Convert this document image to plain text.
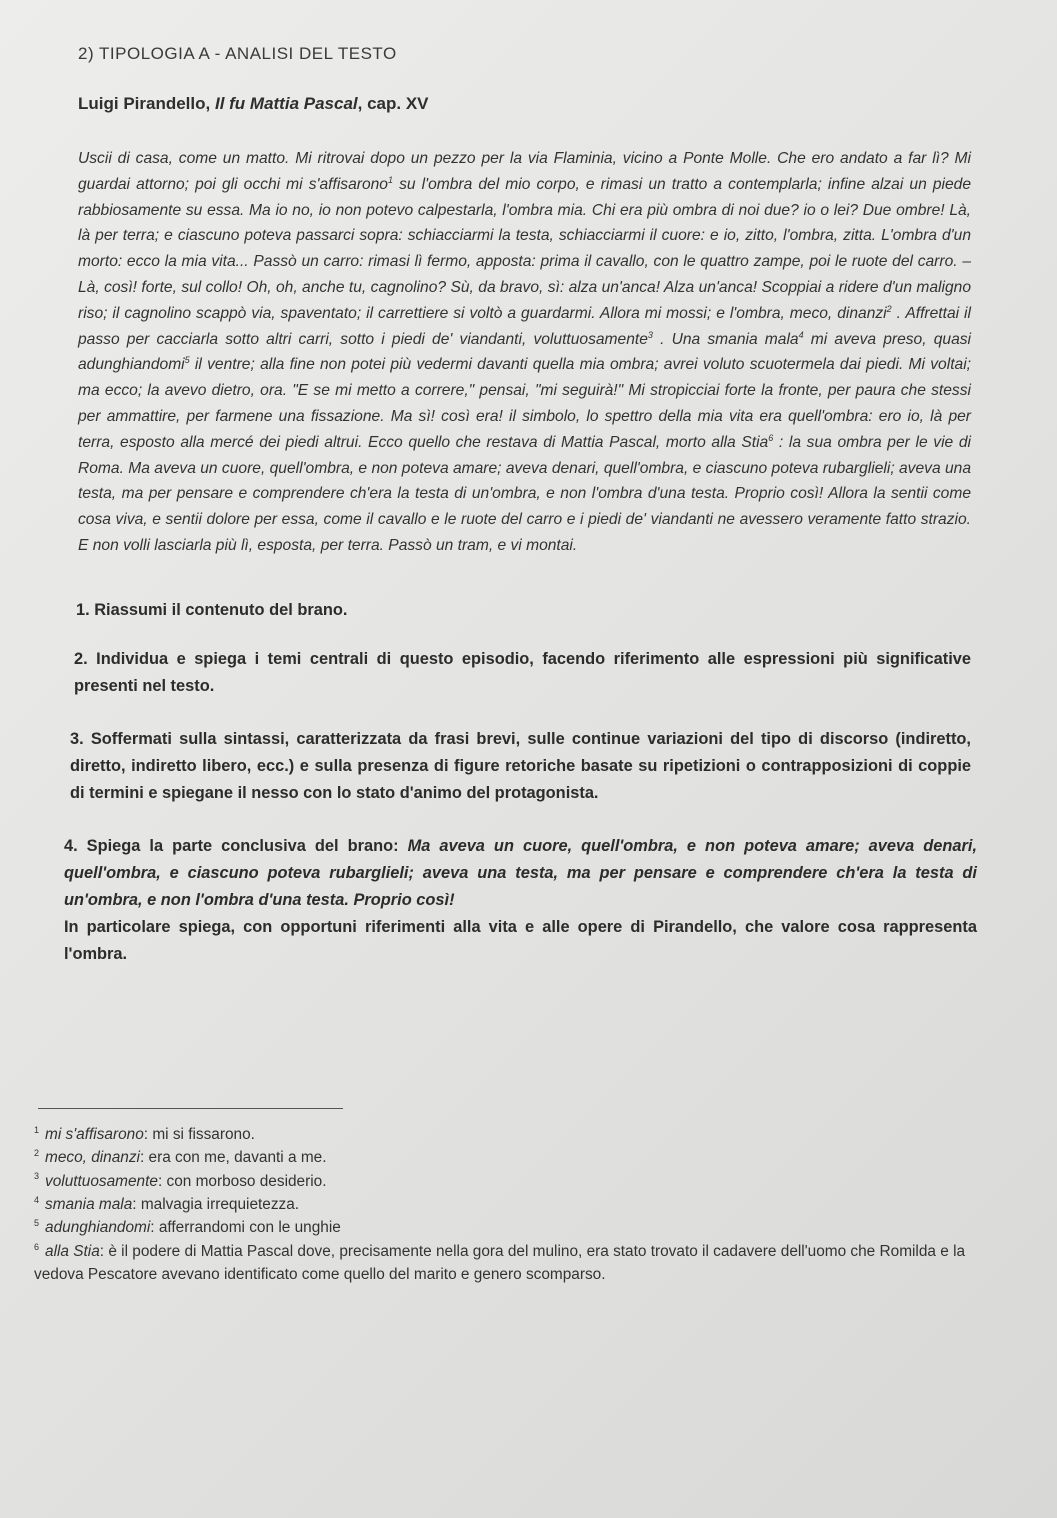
2) TIPOLOGIA A - ANALISI DEL TESTO
Luigi Pirandello, Il fu Mattia Pascal, cap. XV
Uscii di casa, come un matto. Mi ritrovai dopo un pezzo per la via Flaminia, vicino a Ponte Molle. Che ero andato a far lì? Mi guardai attorno; poi gli occhi mi s'affisarono$^1$ su l'ombra del mio corpo, e rimasi un tratto a contemplarla; infine alzai un piede rabbiosamente su essa. Ma io no, io non potevo calpestarla, l'ombra mia. Chi era più ombra di noi due? io o lei? Due ombre! Là, là per terra; e ciascuno poteva passarci sopra: schiacciarmi la testa, schiacciarmi il cuore: e io, zitto, l'ombra, zitta. L'ombra d'un morto: ecco la mia vita... Passò un carro: rimasi lì fermo, apposta: prima il cavallo, con le quattro zampe, poi le ruote del carro. – Là, così! forte, sul collo! Oh, oh, anche tu, cagnolino? Sù, da bravo, sì: alza un'anca! Alza un'anca! Scoppiai a ridere d'un maligno riso; il cagnolino scappò via, spaventato; il carrettiere si voltò a guardarmi. Allora mi mossi; e l'ombra, meco, dinanzi$^2$ . Affrettai il passo per cacciarla sotto altri carri, sotto i piedi de' viandanti, voluttuosamente$^3$ . Una smania mala$^4$ mi aveva preso, quasi adunghiandomi$^5$ il ventre; alla fine non potei più vedermi davanti quella mia ombra; avrei voluto scuotermela dai piedi. Mi voltai; ma ecco; la avevo dietro, ora. "E se mi metto a correre," pensai, "mi seguirà!" Mi stropicciai forte la fronte, per paura che stessi per ammattire, per farmene una fissazione. Ma sì! così era! il simbolo, lo spettro della mia vita era quell'ombra: ero io, là per terra, esposto alla mercé dei piedi altrui. Ecco quello che restava di Mattia Pascal, morto alla Stia$^6$ : la sua ombra per le vie di Roma. Ma aveva un cuore, quell'ombra, e non poteva amare; aveva denari, quell'ombra, e ciascuno poteva rubarglieli; aveva una testa, ma per pensare e comprendere ch'era la testa di un'ombra, e non l'ombra d'una testa. Proprio così! Allora la sentii come cosa viva, e sentii dolore per essa, come il cavallo e le ruote del carro e i piedi de' viandanti ne avessero veramente fatto strazio. E non volli lasciarla più lì, esposta, per terra. Passò un tram, e vi montai.
1. Riassumi il contenuto del brano.
2. Individua e spiega i temi centrali di questo episodio, facendo riferimento alle espressioni più significative presenti nel testo.
3. Soffermati sulla sintassi, caratterizzata da frasi brevi, sulle continue variazioni del tipo di discorso (indiretto, diretto, indiretto libero, ecc.) e sulla presenza di figure retoriche basate su ripetizioni o contrapposizioni di coppie di termini e spiegane il nesso con lo stato d'animo del protagonista.
4. Spiega la parte conclusiva del brano: Ma aveva un cuore, quell'ombra, e non poteva amare; aveva denari, quell'ombra, e ciascuno poteva rubarglieli; aveva una testa, ma per pensare e comprendere ch'era la testa di un'ombra, e non l'ombra d'una testa. Proprio così!
In particolare spiega, con opportuni riferimenti alla vita e alle opere di Pirandello, che valore cosa rappresenta l'ombra.
$^1$ mi s'affisarono: mi si fissarono.
$^2$ meco, dinanzi: era con me, davanti a me.
$^3$ voluttuosamente: con morboso desiderio.
$^4$ smania mala: malvagia irrequietezza.
$^5$ adunghiandomi: afferrandomi con le unghie
$^6$ alla Stia: è il podere di Mattia Pascal dove, precisamente nella gora del mulino, era stato trovato il cadavere dell'uomo che Romilda e la vedova Pescatore avevano identificato come quello del marito e genero scomparso.
